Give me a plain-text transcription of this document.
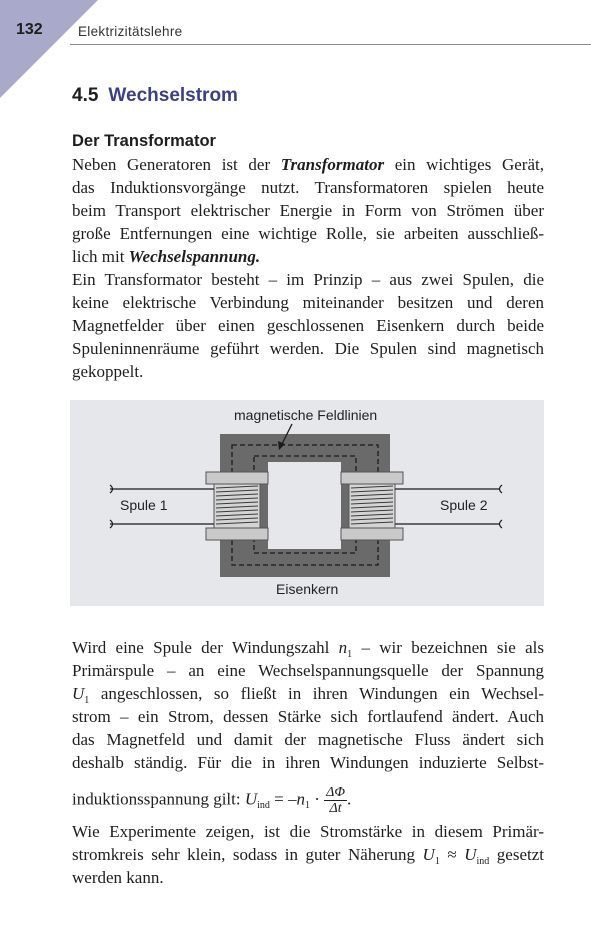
132	Elektrizitätslehre
4.5 Wechselstrom
Der Transformator
Neben Generatoren ist der Transformator ein wichtiges Gerät,
das Induktionsvorgänge nutzt. Transformatoren spielen heute
beim Transport elektrischer Energie in Form von Strömen über
große Entfernungen eine wichtige Rolle, sie arbeiten ausschließ-
lich mit Wechselspannung.
Ein Transformator besteht – im Prinzip – aus zwei Spulen, die
keine elektrische Verbindung miteinander besitzen und deren
Magnetfelder über einen geschlossenen Eisenkern durch beide
Spuleninnenräume geführt werden. Die Spulen sind magnetisch
gekoppelt.
magnetische Feldlinien
Spule 1	Spule 2
Eisenkern
Wird eine Spule der Windungszahl $n_1$ – wir bezeichnen sie als
Primärspule – an eine Wechselspannungsquelle der Spannung
$U_1$ angeschlossen, so fließt in ihren Windungen ein Wechsel-
strom – ein Strom, dessen Stärke sich fortlaufend ändert. Auch
das Magnetfeld und damit der magnetische Fluss ändert sich
deshalb ständig. Für die in ihren Windungen induzierte Selbst-
induktionsspannung gilt: $U_{ind} = -n_1 \cdot \frac{\Delta\Phi}{\Delta t}$ .
Wie Experimente zeigen, ist die Stromstärke in diesem Primär-
stromkreis sehr klein, sodass in guter Näherung $U_1 \approx U_{ind}$ gesetzt
werden kann.
